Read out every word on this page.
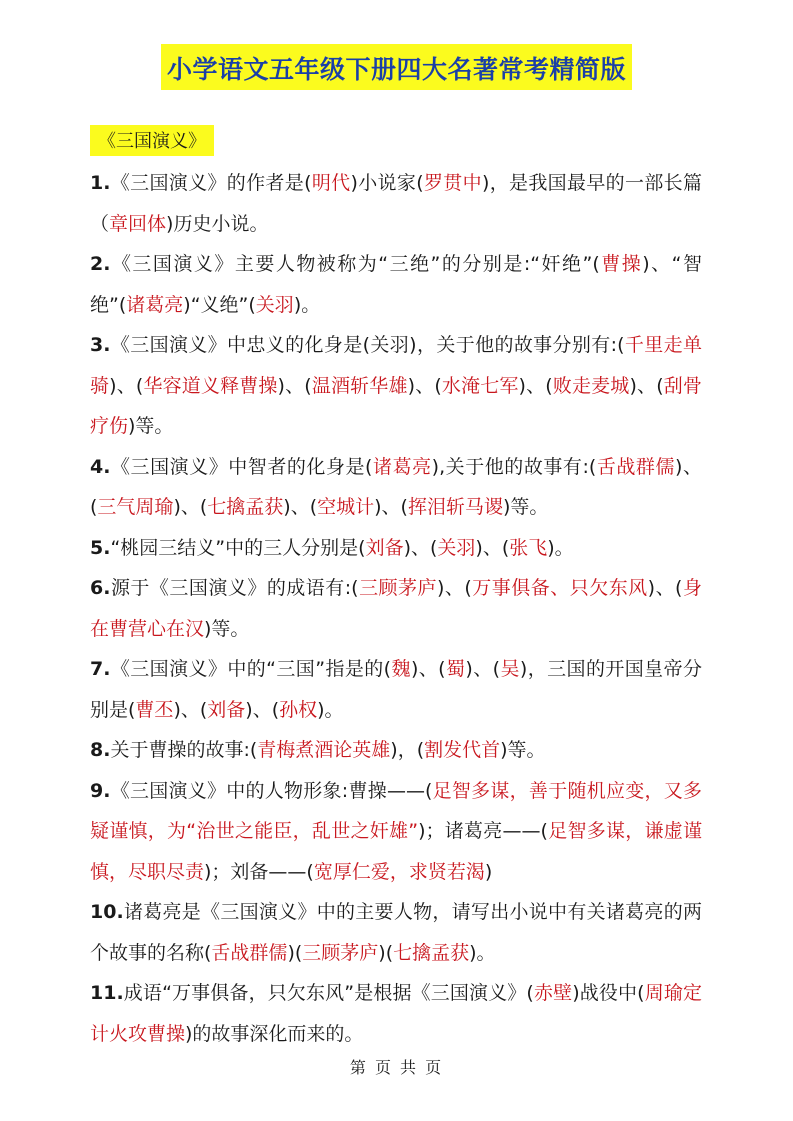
小学语文五年级下册四大名著常考精简版
《三国演义》

1.《三国演义》的作者是(明代)小说家(罗贯中)，是我国最早的一部长篇（章回体)历史小说。

2.《三国演义》主要人物被称为“三绝”的分别是:“奸绝”(曹操)、“智绝”(诸葛亮)“义绝”(关羽)。

3.《三国演义》中忠义的化身是(关羽)，关于他的故事分别有:(千里走单骑)、(华容道义释曹操)、(温酒斩华雄)、(水淹七军)、(败走麦城)、(刮骨疗伤)等。

4.《三国演义》中智者的化身是(诸葛亮),关于他的故事有:(舌战群儒)、(三气周瑜)、(七擒孟获)、(空城计)、(挥泪斩马谡)等。

5.“桃园三结义”中的三人分别是(刘备)、(关羽)、(张飞)。

6.源于《三国演义》的成语有:(三顾茅庐)、(万事俱备、只欠东风)、(身在曹营心在汉)等。

7.《三国演义》中的“三国”指是的(魏)、(蜀)、(吴)，三国的开国皇帝分别是(曹丕)、(刘备)、(孙权)。

8.关于曹操的故事:(青梅煮酒论英雄)，(割发代首)等。

9.《三国演义》中的人物形象:曹操——(足智多谋，善于随机应变，又多疑谨慎，为“治世之能臣，乱世之奸雄”)；诸葛亮——(足智多谋，谦虚谨慎，尽职尽责)；刘备——(宽厚仁爱，求贤若渴)

10.诸葛亮是《三国演义》中的主要人物，请写出小说中有关诸葛亮的两个故事的名称(舌战群儒)(三顾茅庐)(七擒孟获)。

11.成语“万事俱备，只欠东风”是根据《三国演义》(赤壁)战役中(周瑜定计火攻曹操)的故事深化而来的。

第 页 共 页
